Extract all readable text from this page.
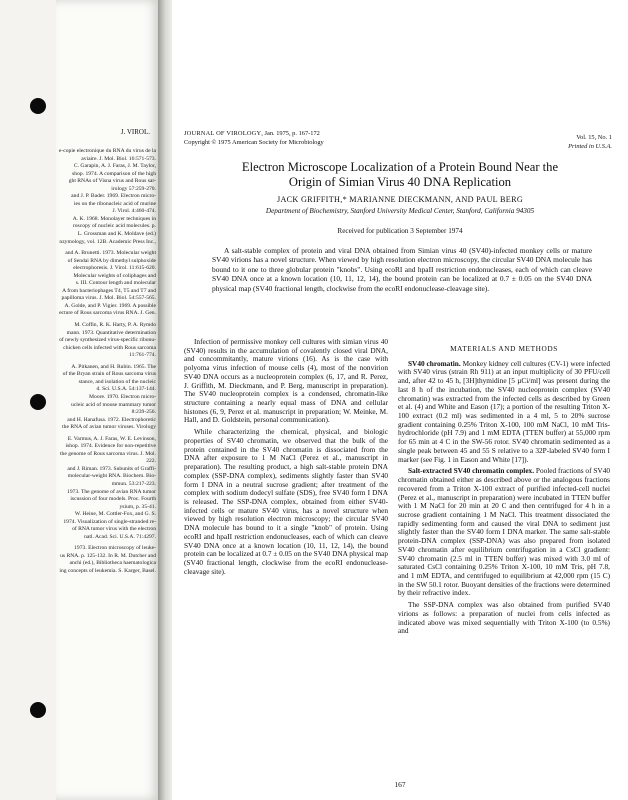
J. VIROL.
e-copie electronique du RNA du virus de la
aviaire. J. Mol. Biol. 16:571-573.
C. Garapin, A. J. Faras, J. M. Taylor,
shop. 1974. A comparison of the high
ght RNAs of Visna virus and Rous sar-
irology 57:259-270.
and J. P. Bader. 1969. Electron micro-
ies on the ribonucleic acid of murine
J. Virol. 4:460-474.
A. K. 1968. Monolayer techniques in
roscopy of nucleic acid molecules. p.
L. Grossman and K. Moldave (ed.)
nzymology, vol. 12B. Academic Press Inc.,
and A. Brunetti. 1973. Molecular weight
of Sendai RNA by dimethyl sulphoxide
electrophoresis. J. Virol. 11:615-620.
Molecular weights of coliphages and
s. III. Contour length and molecular
A from bacteriophages T4, T5 and T7 and
papilloma virus. J. Mol. Biol. 54:557-565.
A. Golde, and P. Vigier. 1969. A possible
ecture of Rous sarcoma virus RNA. J. Gen.
M. Coffin, R. K. Harty, P. A. Rymdo
mann. 1973. Quantitative determination
of newly synthesized virus-specific ribonu-
chicken cells infected with Rous sarcoma
11:761-774.
A. Pitkanen, and H. Rubin. 1965. The
of the Bryan strain of Rous sarcoma virus
stance, and isolation of the nucleic
d. Sci. U.S.A. 54:137-144.
Moore. 1970. Electron micro-
ucleic acid of mouse mammary tumor
8:239-256.
and H. Hanafusa. 1972. Electrophoretic
the RNA of avian tumor viruses. Virology
E. Varmus, A. J. Faras, W. E. Levinson,
ishop. 1974. Evidence for non-repetitive
the genome of Rous sarcoma virus. J. Mol.
222.
and J. Riman. 1973. Subunits of Graffi-
molecular-weight RNA. Biochem. Bio-
mmun. 53:217-223.
1973. The genome of avian RNA tumor
iscussion of four models. Proc. Fourth
ysium, p. 35-41.
W. Heine, M. Cottler-Fox, and G. S.
1974. Visualization of single-stranded re-
of RNA tumor virus with the electron
natl. Acad. Sci. U.S.A. 71:4297.
1973. Electron microscopy of leuke-
us RNA. p. 125-132. In R. M. Dutcher and
anchi (ed.), Bibliotheca haematologica
ing concepts of leukemia. S. Karger, Basel.
JOURNAL OF VIROLOGY, Jan. 1975, p. 167-172
Copyright © 1975 American Society for Microbiology
Vol. 15, No. 1
Printed in U.S.A.
Electron Microscope Localization of a Protein Bound Near the
Origin of Simian Virus 40 DNA Replication
JACK GRIFFITH,* MARIANNE DIECKMANN, AND PAUL BERG
Department of Biochemistry, Stanford University Medical Center, Stanford, California 94305
Received for publication 3 September 1974
A salt-stable complex of protein and viral DNA obtained from Simian virus 40 (SV40)-infected monkey cells or mature SV40 virions has a novel structure. When viewed by high resolution electron microscopy, the circular SV40 DNA molecule has bound to it one to three globular protein "knobs". Using ecoRI and hpaII restriction endonucleases, each of which can cleave SV40 DNA once at a known location (10, 11, 12, 14), the bound protein can be localized at 0.7 ± 0.05 on the SV40 DNA physical map (SV40 fractional length, clockwise from the ecoRI endonuclease-cleavage site).

Infection of permissive monkey cell cultures with simian virus 40 (SV40) results in the accumulation of covalently closed viral DNA, and concommitantly, mature virions (16). As is the case with polyoma virus infection of mouse cells (4), most of the nonvirion SV40 DNA occurs as a nucleoprotein complex (6, 17, and R. Perez, J. Griffith, M. Dieckmann, and P. Berg, manuscript in preparation). The SV40 nucleoprotein complex is a condensed, chromatin-like structure containing a nearly equal mass of DNA and cellular histones (6, 9, Perez et al. manuscript in preparation; W. Meinke, M. Hall, and D. Goldstein, personal communication).

While characterizing the chemical, physical, and biologic properties of SV40 chromatin, we observed that the bulk of the protein contained in the SV40 chromatin is dissociated from the DNA after exposure to 1 M NaCl (Perez et al., manuscript in preparation). The resulting product, a high salt-stable protein DNA complex (SSP-DNA complex), sediments slightly faster than SV40 form I DNA in a neutral sucrose gradient; after treatment of the complex with sodium dodecyl sulfate (SDS), free SV40 form I DNA is released. The SSP-DNA complex, obtained from either SV40-infected cells or mature SV40 virus, has a novel structure when viewed by high resolution electron microscopy; the circular SV40 DNA molecule has bound to it a single "knob" of protein. Using ecoRI and hpaII restriction endonucleases, each of which can cleave SV40 DNA once at a known location (10, 11, 12, 14), the bound protein can be localized at 0.7 ± 0.05 on the SV40 DNA physical map (SV40 fractional length, clockwise from the ecoRI endonuclease-cleavage site).

MATERIALS AND METHODS

SV40 chromatin. Monkey kidney cell cultures (CV-1) were infected with SV40 virus (strain Rh 911) at an input multiplicity of 30 PFU/cell and, after 42 to 45 h, [3H]thymidine [5 µCi/ml] was present during the last 8 h of the incubation, the SV40 nucleoprotein complex (SV40 chromatin) was extracted from the infected cells as described by Green et al. (4) and White and Eason (17); a portion of the resulting Triton X-100 extract (0.2 ml) was sedimented in a 4 ml, 5 to 20% sucrose gradient containing 0.25% Triton X-100, 100 mM NaCl, 10 mM Tris-hydrochloride (pH 7.9) and 1 mM EDTA (TTEN buffer) at 55,000 rpm for 65 min at 4 C in the SW-56 rotor. SV40 chromatin sedimented as a single peak between 45 and 55 S relative to a 32P-labeled SV40 form I marker (see Fig. 1 in Eason and White [17]).

Salt-extracted SV40 chromatin complex. Pooled fractions of SV40 chromatin obtained either as described above or the analogous fractions recovered from a Triton X-100 extract of purified infected-cell nuclei (Perez et al., manuscript in preparation) were incubated in TTEN buffer with 1 M NaCl for 20 min at 20 C and then centrifuged for 4 h in a sucrose gradient containing 1 M NaCl. This treatment dissociated the rapidly sedimenting form and caused the viral DNA to sediment just slightly faster than the SV40 form I DNA marker. The same salt-stable protein-DNA complex (SSP-DNA) was also prepared from isolated SV40 chromatin after equilibrium centrifugation in a CsCl gradient: SV40 chromatin (2.5 ml in TTEN buffer) was mixed with 3.0 ml of saturated CsCl containing 0.25% Triton X-100, 10 mM Tris, pH 7.8, and 1 mM EDTA, and centrifuged to equilibrium at 42,000 rpm (15 C) in the SW 50.1 rotor. Buoyant densities of the fractions were determined by their refractive index.

The SSP-DNA complex was also obtained from purified SV40 virions as follows: a preparation of nuclei from cells infected as indicated above was mixed sequentially with Triton X-100 (to 0.5%) and

167
